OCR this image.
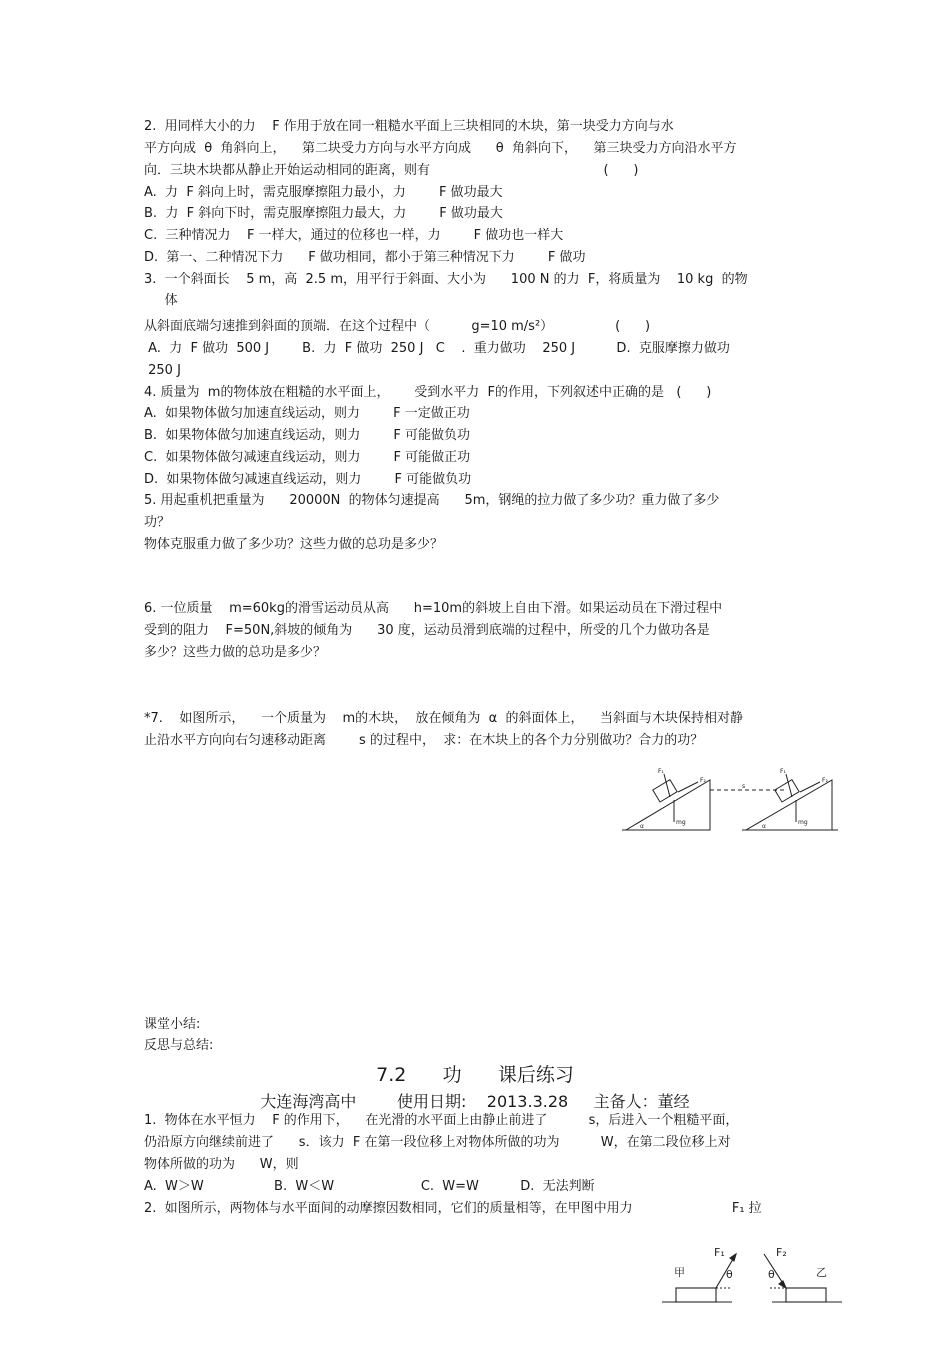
2.  用同样大小的力    F 作用于放在同一粗糙水平面上三块相同的木块，第一块受力方向与水
平方向成  θ  角斜向上，    第二块受力方向与水平方向成      θ  角斜向下，    第三块受力方向沿水平方
向．三块木块都从静止开始运动相同的距离，则有                                          (      )
A.  力  F 斜向上时，需克服摩擦阻力最小，力        F 做功最大
B.  力  F 斜向下时，需克服摩擦阻力最大，力        F 做功最大
C.  三种情况力    F 一样大，通过的位移也一样，力        F 做功也一样大
D.  第一、二种情况下力      F 做功相同，都小于第三种情况下力        F 做功
3.  一个斜面长    5 m，高  2.5 m，用平行于斜面、大小为      100 N 的力  F，将质量为    10 kg  的物
体
从斜面底端匀速推到斜面的顶端．在这个过程中（          g=10 m/s²）               (      )
A.  力  F 做功  500 J        B.  力  F 做功  250 J   C    .  重力做功    250 J          D.  克服摩擦力做功
250 J
4. 质量为  m的物体放在粗糙的水平面上，      受到水平力  F的作用，下列叙述中正确的是   (      )
A.  如果物体做匀加速直线运动，则力        F 一定做正功
B.  如果物体做匀加速直线运动，则力        F 可能做负功
C.  如果物体做匀减速直线运动，则力        F 可能做正功
D.  如果物体做匀减速直线运动，则力        F 可能做负功
5. 用起重机把重量为      20000N  的物体匀速提高      5m，钢绳的拉力做了多少功？重力做了多少
功？
物体克服重力做了多少功？这些力做的总功是多少？
6. 一位质量    m=60kg的滑雪运动员从高      h=10m的斜坡上自由下滑。如果运动员在下滑过程中
受到的阻力    F=50N,斜坡的倾角为      30 度，运动员滑到底端的过程中，所受的几个力做功各是
多少？这些力做的总功是多少？
*7.    如图所示，    一个质量为    m的木块，  放在倾角为  α  的斜面体上，    当斜面与木块保持相对静
止沿水平方向向右匀速移动距离        s 的过程中，  求：在木块上的各个力分别做功？合力的功？
F₁
F₂
mg
α
s
F₁
F₂
mg
α
课堂小结:
反思与总结:
7.2      功      课后练习
大连海湾高中        使用日期:    2013.3.28     主备人：董经
1.  物体在水平恒力    F 的作用下，    在光滑的水平面上由静止前进了          s，后进入一个粗糙平面，
仍沿原方向继续前进了      s．该力  F 在第一段位移上对物体所做的功为          W，在第二段位移上对
物体所做的功为      W，则
A.  W＞W                 B.  W＜W                     C.  W=W          D.  无法判断
2.  如图所示，两物体与水平面间的动摩擦因数相同，它们的质量相等，在甲图中用力                        F₁ 拉
甲
F₁
θ
F₂
θ	乙
